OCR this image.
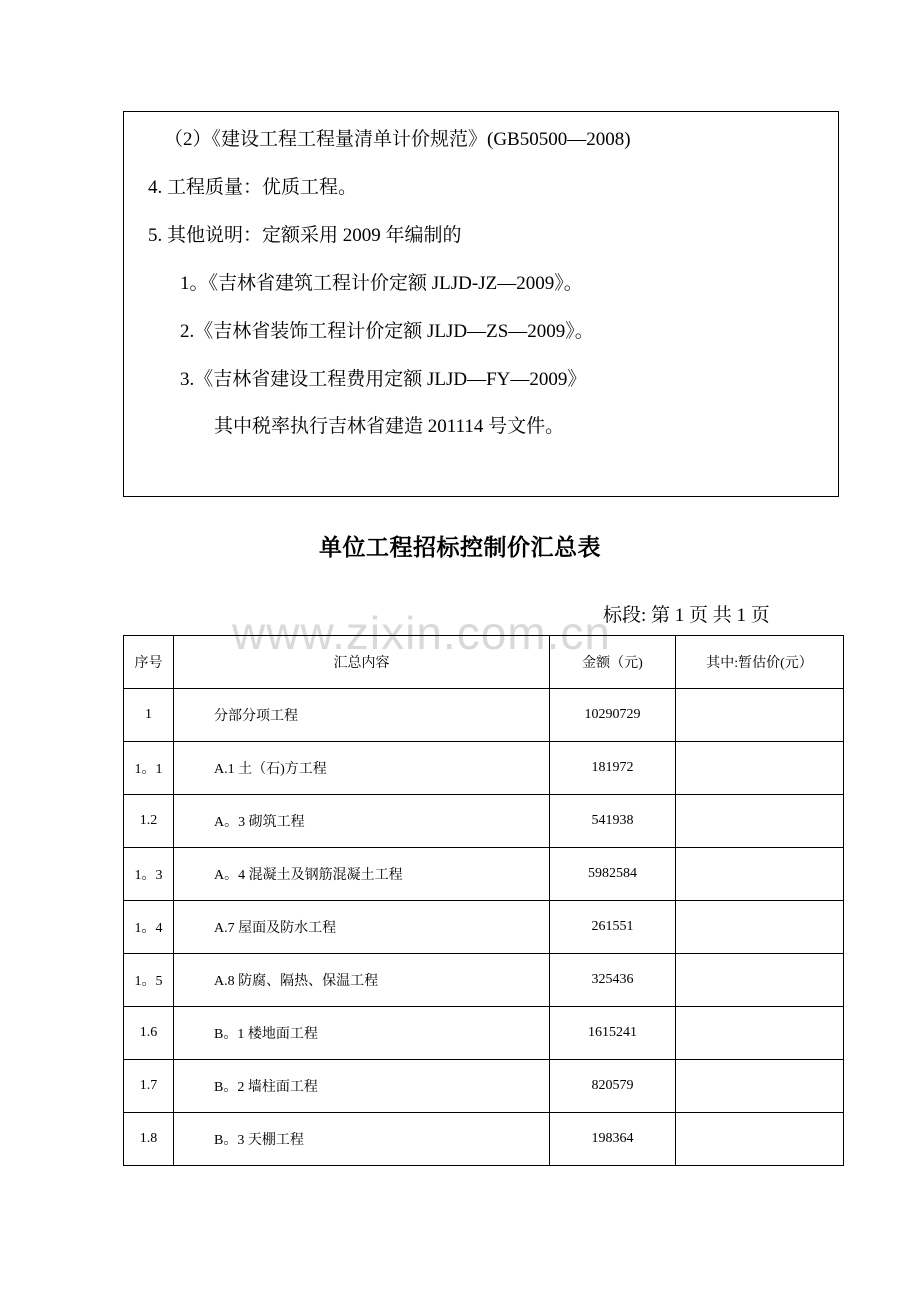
（2）《建设工程工程量清单计价规范》(GB50500—2008)
4. 工程质量：优质工程。
5. 其他说明：定额采用 2009 年编制的
1。《吉林省建筑工程计价定额 JLJD-JZ—2009》。
2.《吉林省装饰工程计价定额 JLJD—ZS—2009》。
3.《吉林省建设工程费用定额 JLJD—FY—2009》
其中税率执行吉林省建造 201114 号文件。
单位工程招标控制价汇总表
www.zixin.com.cn
标段: 第 1 页 共 1 页
序号	汇总内容	金额（元)	其中:暂估价(元）
1	分部分项工程	10290729	
1。1	A.1 土（石)方工程	181972	
1.2	A。3 砌筑工程	541938	
1。3	A。4 混凝土及钢筋混凝土工程	5982584	
1。4	A.7 屋面及防水工程	261551	
1。5	A.8 防腐、隔热、保温工程	325436	
1.6	B。1 楼地面工程	1615241	
1.7	B。2 墙柱面工程	820579	
1.8	B。3 天棚工程	198364	
